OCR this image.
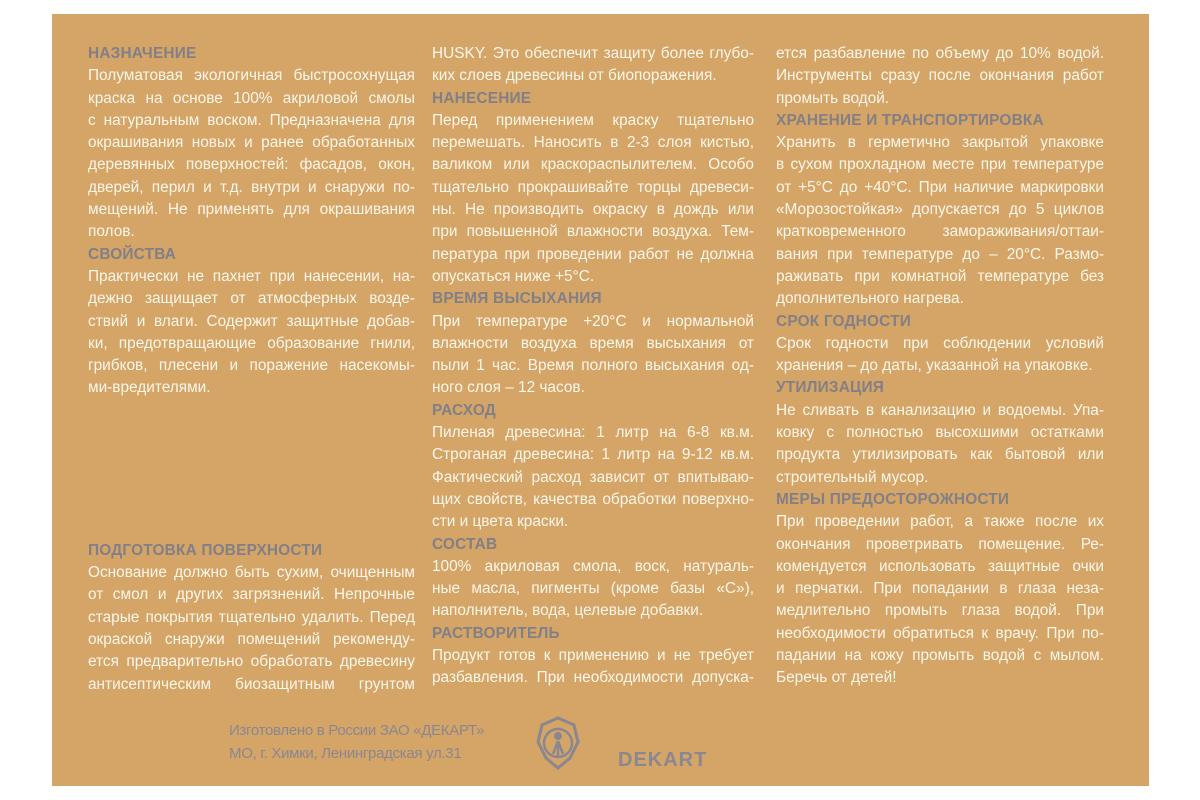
НАЗНАЧЕНИЕ
Полуматовая экологичная быстросохнущая
краска на основе 100% акриловой смолы
с натуральным воском. Предназначена для
окрашивания новых и ранее обработанных
деревянных поверхностей: фасадов, окон,
дверей, перил и т.д. внутри и снаружи по-
мещений. Не применять для окрашивания
полов.
СВОЙСТВА
Практически не пахнет при нанесении, на-
дежно защищает от атмосферных возде-
ствий и влаги. Содержит защитные добав-
ки, предотвращающие образование гнили,
грибков, плесени и поражение насекомы-
ми-вредителями.
ПОДГОТОВКА ПОВЕРХНОСТИ
Основание должно быть сухим, очищенным
от смол и других загрязнений. Непрочные
старые покрытия тщательно удалить. Перед
окраской снаружи помещений рекоменду-
ется предварительно обработать древесину
антисептическим биозащитным грунтом
HUSKY. Это обеспечит защиту более глубо-
ких слоев древесины от биопоражения.
НАНЕСЕНИЕ
Перед применением краску тщательно
перемешать. Наносить в 2-3 слоя кистью,
валиком или краскораспылителем. Особо
тщательно прокрашивайте торцы древеси-
ны. Не производить окраску в дождь или
при повышенной влажности воздуха. Тем-
пература при проведении работ не должна
опускаться ниже +5°С.
ВРЕМЯ ВЫСЫХАНИЯ
При температуре +20°С и нормальной
влажности воздуха время высыхания от
пыли 1 час. Время полного высыхания од-
ного слоя – 12 часов.
РАСХОД
Пиленая древесина: 1 литр на 6-8 кв.м.
Строганая древесина: 1 литр на 9-12 кв.м.
Фактический расход зависит от впитываю-
щих свойств, качества обработки поверхно-
сти и цвета краски.
СОСТАВ
100% акриловая смола, воск, натураль-
ные масла, пигменты (кроме базы «С»),
наполнитель, вода, целевые добавки.
РАСТВОРИТЕЛЬ
Продукт готов к применению и не требует
разбавления. При необходимости допуска-
ется разбавление по объему до 10% водой.
Инструменты сразу после окончания работ
промыть водой.
ХРАНЕНИЕ И ТРАНСПОРТИРОВКА
Хранить в герметично закрытой упаковке
в сухом прохладном месте при температуре
от +5°С до +40°С. При наличие маркировки
«Морозостойкая» допускается до 5 циклов
кратковременного замораживания/оттаи-
вания при температуре до – 20°С. Размо-
раживать при комнатной температуре без
дополнительного нагрева.
СРОК ГОДНОСТИ
Срок годности при соблюдении условий
хранения – до даты, указанной на упаковке.
УТИЛИЗАЦИЯ
Не сливать в канализацию и водоемы. Упа-
ковку с полностью высохшими остатками
продукта утилизировать как бытовой или
строительный мусор.
МЕРЫ ПРЕДОСТОРОЖНОСТИ
При проведении работ, а также после их
окончания проветривать помещение. Ре-
комендуется использовать защитные очки
и перчатки. При попадании в глаза неза-
медлительно промыть глаза водой. При
необходимости обратиться к врачу. При по-
падании на кожу промыть водой с мылом.
Беречь от детей!
Изготовлено в России ЗАО «ДЕКАРТ»
МО, г. Химки, Ленинградская ул.31	DEKART
